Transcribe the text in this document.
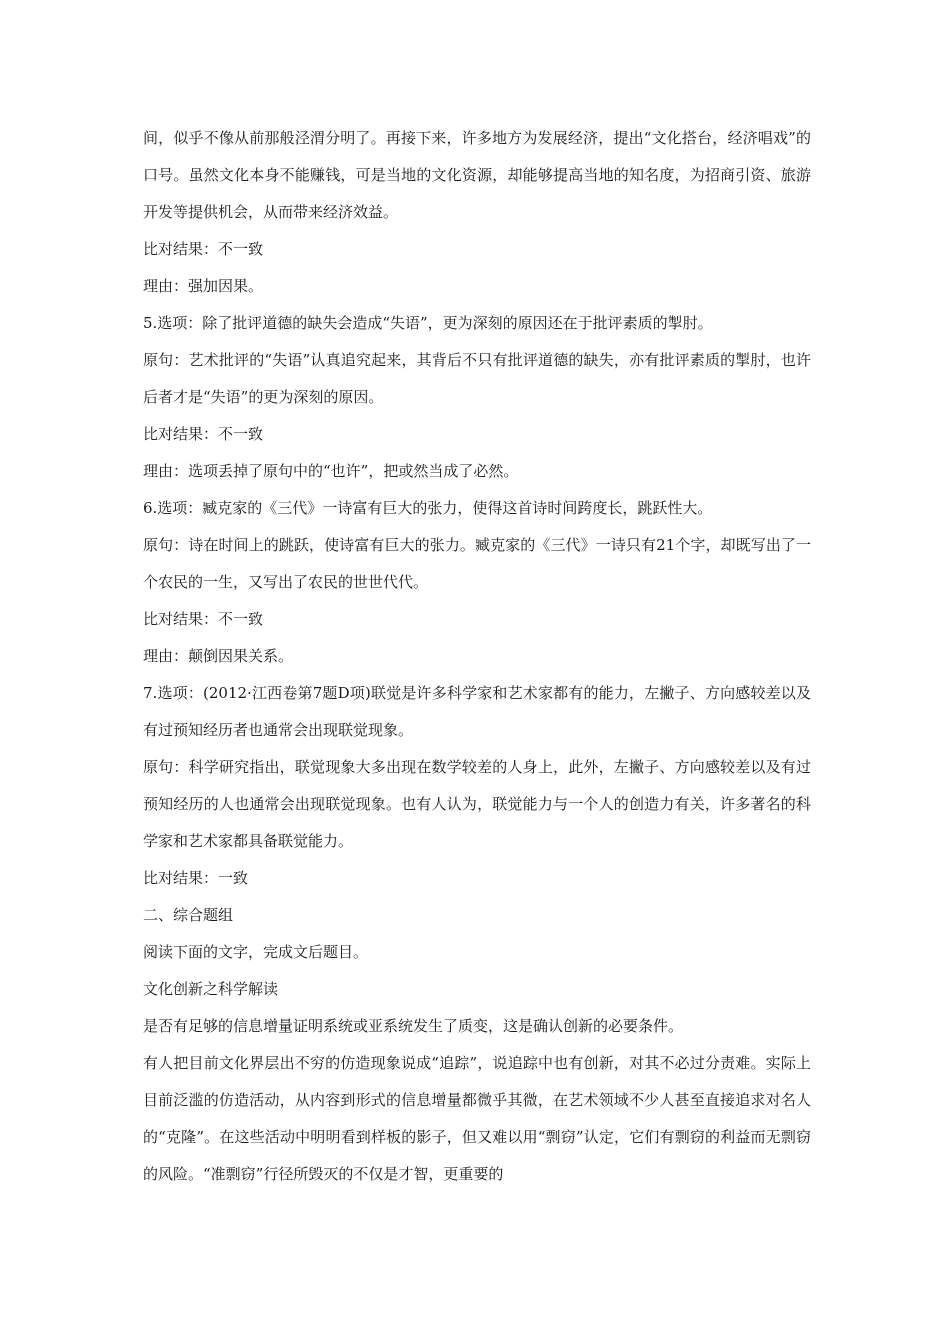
间，似乎不像从前那般泾渭分明了。再接下来，许多地方为发展经济，提出“文化搭台，经济唱戏”的口号。虽然文化本身不能赚钱，可是当地的文化资源，却能够提高当地的知名度，为招商引资、旅游开发等提供机会，从而带来经济效益。

比对结果：不一致

理由：强加因果。

5.选项：除了批评道德的缺失会造成“失语”，更为深刻的原因还在于批评素质的掣肘。

原句：艺术批评的“失语”认真追究起来，其背后不只有批评道德的缺失，亦有批评素质的掣肘，也许后者才是“失语”的更为深刻的原因。

比对结果：不一致

理由：选项丢掉了原句中的“也许”，把或然当成了必然。

6.选项：臧克家的《三代》一诗富有巨大的张力，使得这首诗时间跨度长，跳跃性大。

原句：诗在时间上的跳跃，使诗富有巨大的张力。臧克家的《三代》一诗只有21个字，却既写出了一个农民的一生，又写出了农民的世世代代。

比对结果：不一致

理由：颠倒因果关系。

7.选项：(2012·江西卷第7题D项)联觉是许多科学家和艺术家都有的能力，左撇子、方向感较差以及有过预知经历者也通常会出现联觉现象。

原句：科学研究指出，联觉现象大多出现在数学较差的人身上，此外，左撇子、方向感较差以及有过预知经历的人也通常会出现联觉现象。也有人认为，联觉能力与一个人的创造力有关，许多著名的科学家和艺术家都具备联觉能力。

比对结果：一致

二、综合题组

阅读下面的文字，完成文后题目。

文化创新之科学解读

是否有足够的信息增量证明系统或亚系统发生了质变，这是确认创新的必要条件。

有人把目前文化界层出不穷的仿造现象说成“追踪”，说追踪中也有创新，对其不必过分责难。实际上目前泛滥的仿造活动，从内容到形式的信息增量都微乎其微，在艺术领域不少人甚至直接追求对名人的“克隆”。在这些活动中明明看到样板的影子，但又难以用“剽窃”认定，它们有剽窃的利益而无剽窃的风险。“准剽窃”行径所毁灭的不仅是才智，更重要的
